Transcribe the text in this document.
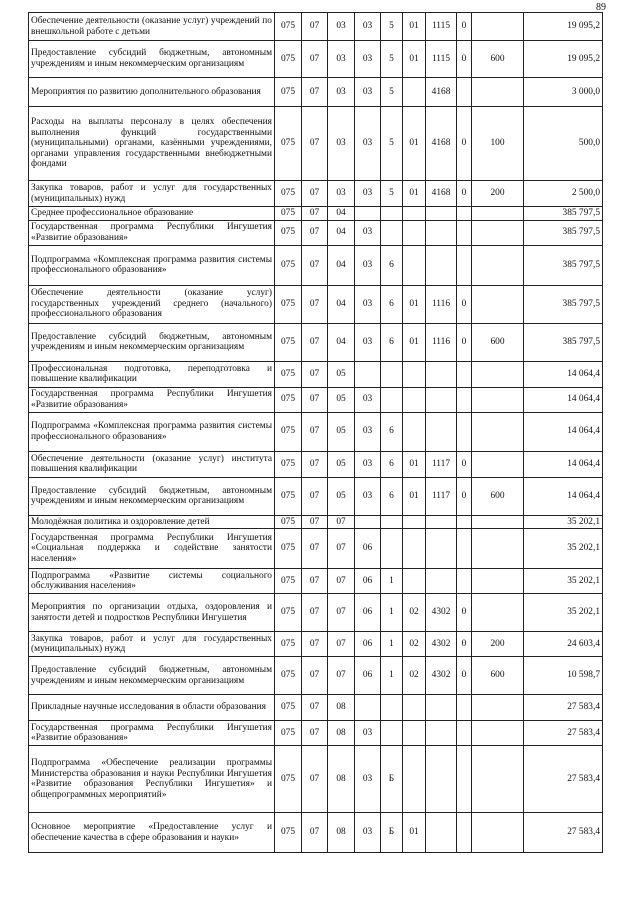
89
Обеспечение деятельности (оказание услуг) учреждений по внешкольной работе с детьми	075	07	03	03	5	01	1115	0		19 095,2
Предоставление субсидий бюджетным, автономным учреждениям и иным некоммерческим организациям	075	07	03	03	5	01	1115	0	600	19 095,2
Мероприятия по развитию дополнительного образования	075	07	03	03	5		4168			3 000,0
Расходы на выплаты персоналу в целях обеспечения выполнения функций государственными (муниципальными) органами, казёнными учреждениями, органами управления государственными внебюджетными фондами	075	07	03	03	5	01	4168	0	100	500,0
Закупка товаров, работ и услуг для государственных (муниципальных) нужд	075	07	03	03	5	01	4168	0	200	2 500,0
Среднее профессиональное образование	075	07	04							385 797,5
Государственная программа Республики Ингушетия «Развитие образования»	075	07	04	03						385 797,5
Подпрограмма «Комплексная программа развития системы профессионального образования»	075	07	04	03	6					385 797,5
Обеспечение деятельности (оказание услуг) государственных учреждений среднего (начального) профессионального образования	075	07	04	03	6	01	1116	0		385 797,5
Предоставление субсидий бюджетным, автономным учреждениям и иным некоммерческим организациям	075	07	04	03	6	01	1116	0	600	385 797,5
Профессиональная подготовка, переподготовка и повышение квалификации	075	07	05							14 064,4
Государственная программа Республики Ингушетия «Развитие образования»	075	07	05	03						14 064,4
Подпрограмма «Комплексная программа развития системы профессионального образования»	075	07	05	03	6					14 064,4
Обеспечение деятельности (оказание услуг) института повышения квалификации	075	07	05	03	6	01	1117	0		14 064,4
Предоставление субсидий бюджетным, автономным учреждениям и иным некоммерческим организациям	075	07	05	03	6	01	1117	0	600	14 064,4
Молодёжная политика и оздоровление детей	075	07	07							35 202,1
Государственная программа Республики Ингушетия «Социальная поддержка и содействие занятости населения»	075	07	07	06						35 202,1
Подпрограмма «Развитие системы социального обслуживания населения»	075	07	07	06	1					35 202,1
Мероприятия по организации отдыха, оздоровления и занятости детей и подростков Республики Ингушетия	075	07	07	06	1	02	4302	0		35 202,1
Закупка товаров, работ и услуг для государственных (муниципальных) нужд	075	07	07	06	1	02	4302	0	200	24 603,4
Предоставление субсидий бюджетным, автономным учреждениям и иным некоммерческим организациям	075	07	07	06	1	02	4302	0	600	10 598,7
Прикладные научные исследования в области образования	075	07	08							27 583,4
Государственная программа Республики Ингушетия «Развитие образования»	075	07	08	03						27 583,4
Подпрограмма «Обеспечение реализации программы Министерства образования и науки Республики Ингушетия «Развитие образования Республики Ингушетия» и общепрограммных мероприятий»	075	07	08	03	Б					27 583,4
Основное мероприятие «Предоставление услуг и обеспечение качества в сфере образования и науки»	075	07	08	03	Б	01				27 583,4
